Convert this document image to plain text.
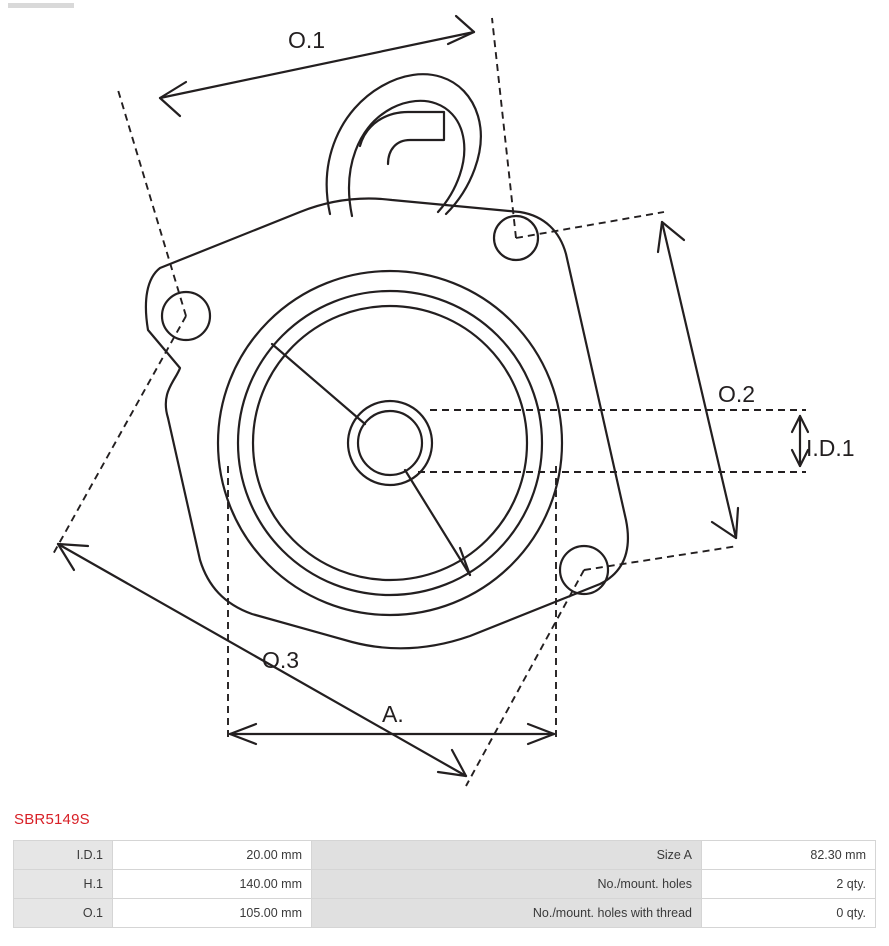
O.1
O.2
O.3
I.D.1
A.
SBR5149S
I.D.1	20.00 mm	Size A	82.30 mm
H.1	140.00 mm	No./mount. holes	2 qty.
O.1	105.00 mm	No./mount. holes with thread	0 qty.
